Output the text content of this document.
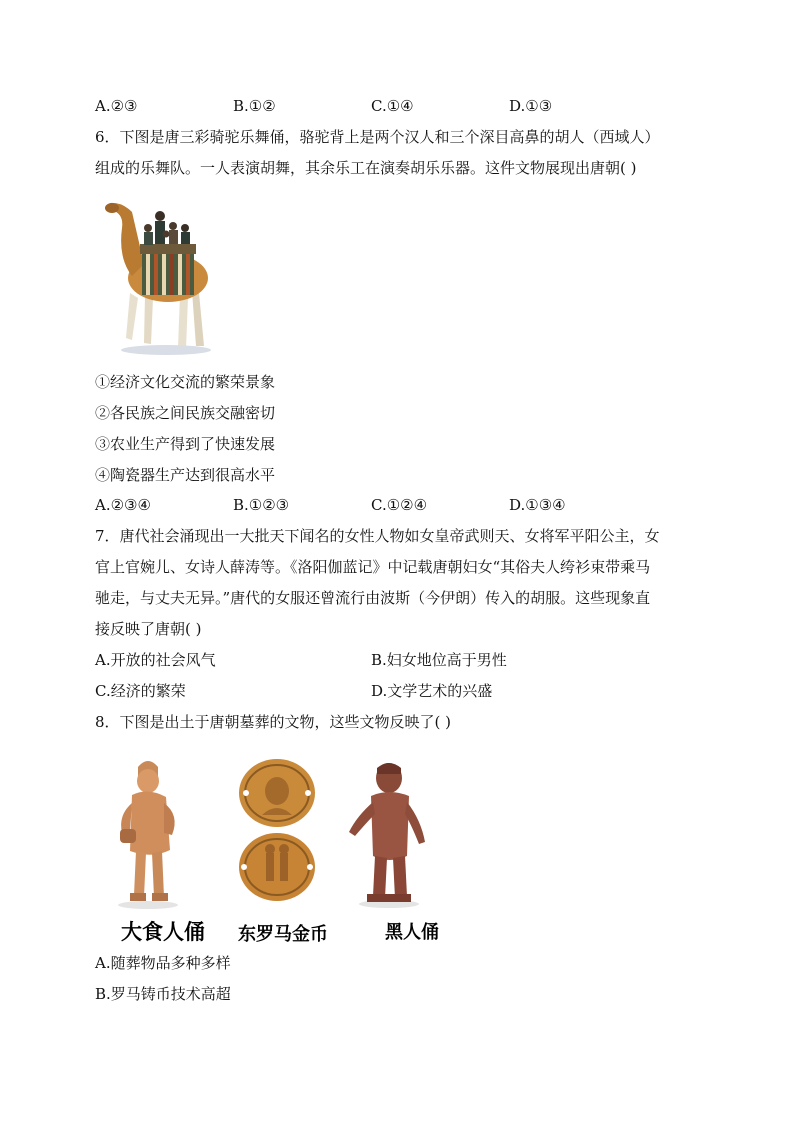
A.②③	B.①②	C.①④	D.①③
6．下图是唐三彩骑驼乐舞俑，骆驼背上是两个汉人和三个深目高鼻的胡人（西域人）
组成的乐舞队。一人表演胡舞，其余乐工在演奏胡乐乐器。这件文物展现出唐朝( )
①经济文化交流的繁荣景象
②各民族之间民族交融密切
③农业生产得到了快速发展
④陶瓷器生产达到很高水平
A.②③④	B.①②③	C.①②④	D.①③④
7．唐代社会涌现出一大批天下闻名的女性人物如女皇帝武则天、女将军平阳公主，女
官上官婉儿、女诗人薛涛等。《洛阳伽蓝记》中记载唐朝妇女“其俗夫人绔衫束带乘马
驰走，与丈夫无异。”唐代的女服还曾流行由波斯（今伊朗）传入的胡服。这些现象直
接反映了唐朝( )
A.开放的社会风气	B.妇女地位高于男性
C.经济的繁荣	D.文学艺术的兴盛
8．下图是出土于唐朝墓葬的文物，这些文物反映了( )
大食人俑 东罗马金币	黑人俑
A.随葬物品多种多样
B.罗马铸币技术高超
